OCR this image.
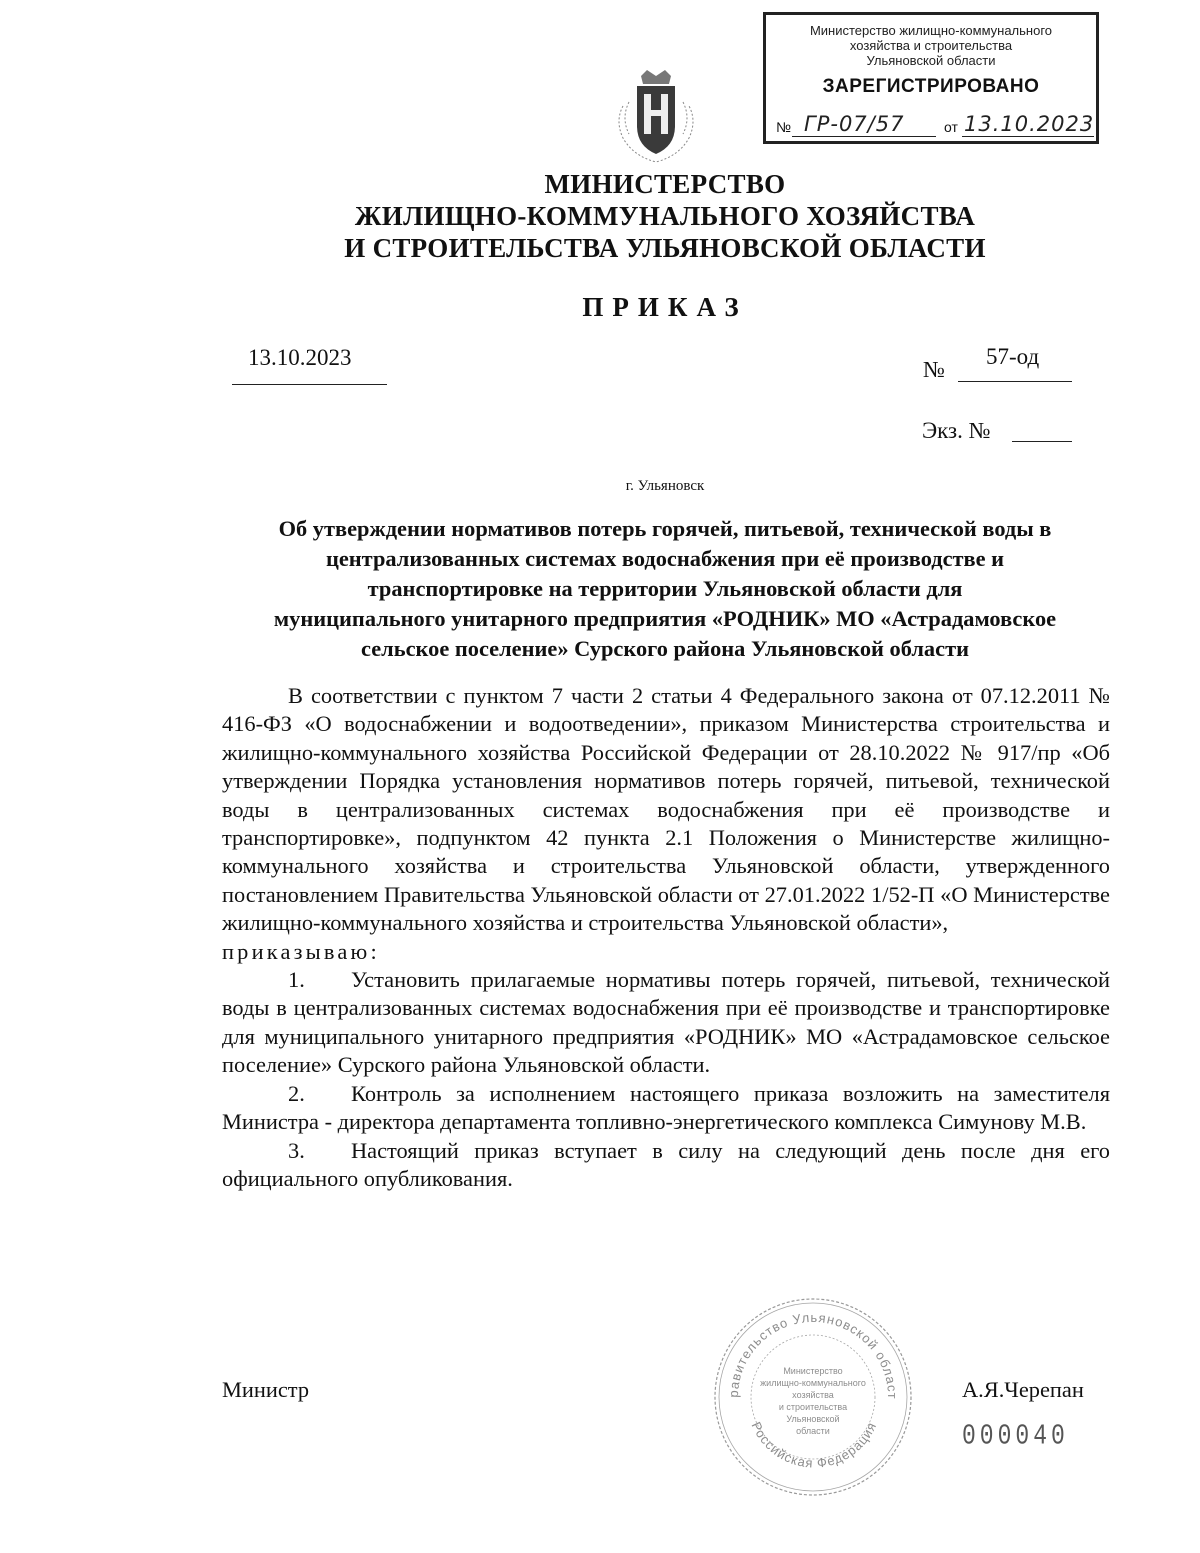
Министерство жилищно-коммунального
хозяйства и строительства
Ульяновской области
ЗАРЕГИСТРИРОВАНО
№ ГР-07/57	от 13.10.2023
МИНИСТЕРСТВО
ЖИЛИЩНО-КОММУНАЛЬНОГО ХОЗЯЙСТВА
И СТРОИТЕЛЬСТВА УЛЬЯНОВСКОЙ ОБЛАСТИ
ПРИКАЗ
13.10.2023	№
57-од
Экз. №
г. Ульяновск
Об утверждении нормативов потерь горячей, питьевой, технической воды в
централизованных системах водоснабжения при её производстве и
транспортировке на территории Ульяновской области для
муниципального унитарного предприятия «РОДНИК» МО «Астрадамовское
сельское поселение» Сурского района Ульяновской области

В соответствии с пунктом 7 части 2 статьи 4 Федерального закона от 07.12.2011 № 416-ФЗ «О водоснабжении и водоотведении», приказом Министерства строительства и жилищно-коммунального хозяйства Российской Федерации от 28.10.2022 № 917/пр «Об утверждении Порядка установления нормативов потерь горячей, питьевой, технической воды в централизованных системах водоснабжения при её производстве и транспортировке», подпунктом 42 пункта 2.1 Положения о Министерстве жилищно-коммунального хозяйства и строительства Ульяновской области, утвержденного постановлением Правительства Ульяновской области от 27.01.2022 1/52-П «О Министерстве жилищно-коммунального хозяйства и строительства Ульяновской области»,

приказываю:

1. Установить прилагаемые нормативы потерь горячей, питьевой, технической воды в централизованных системах водоснабжения при её производстве и транспортировке для муниципального унитарного предприятия «РОДНИК» МО «Астрадамовское сельское поселение» Сурского района Ульяновской области.

2. Контроль за исполнением настоящего приказа возложить на заместителя Министра - директора департамента топливно-энергетического комплекса Симунову М.В.

3. Настоящий приказ вступает в силу на следующий день после дня его официального опубликования.

равительство Ульяновской област
Российская Федерация
Министерство
жилищно-коммунального
хозяйства
и строительства
Ульяновской
области
Министр	А.Я.Черепан
000040
